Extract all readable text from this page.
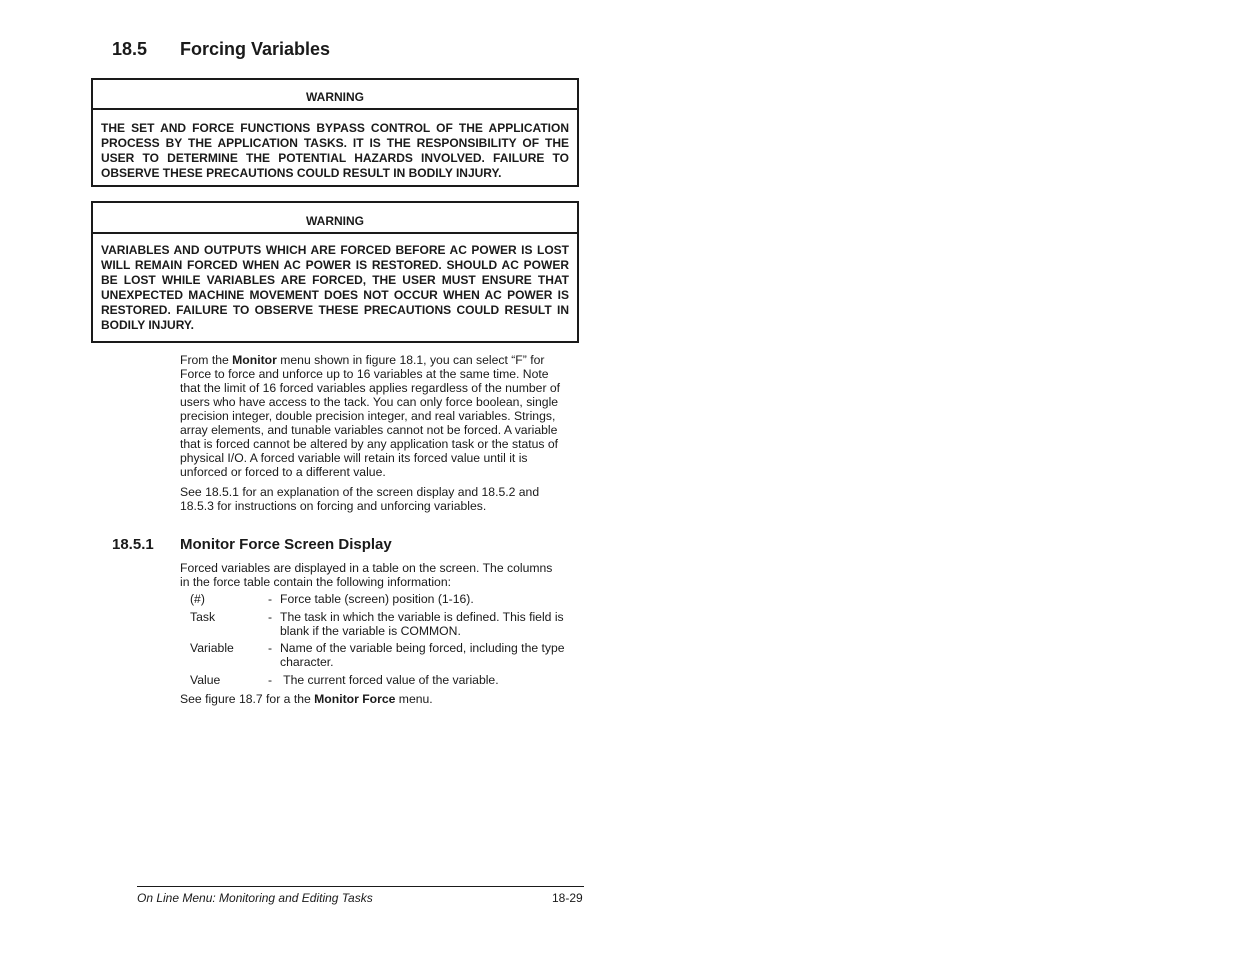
18.5 Forcing Variables
WARNING

THE SET AND FORCE FUNCTIONS BYPASS CONTROL OF THE APPLICATION PROCESS BY THE APPLICATION TASKS. IT IS THE RESPONSIBILITY OF THE USER TO DETERMINE THE POTENTIAL HAZARDS INVOLVED. FAILURE TO OBSERVE THESE PRECAUTIONS COULD RESULT IN BODILY INJURY.

WARNING

VARIABLES AND OUTPUTS WHICH ARE FORCED BEFORE AC POWER IS LOST WILL REMAIN FORCED WHEN AC POWER IS RESTORED. SHOULD AC POWER BE LOST WHILE VARIABLES ARE FORCED, THE USER MUST ENSURE THAT UNEXPECTED MACHINE MOVEMENT DOES NOT OCCUR WHEN AC POWER IS RESTORED. FAILURE TO OBSERVE THESE PRECAUTIONS COULD RESULT IN BODILY INJURY.

From the Monitor menu shown in figure 18.1, you can select “F” for Force to force and unforce up to 16 variables at the same time. Note that the limit of 16 forced variables applies regardless of the number of users who have access to the tack. You can only force boolean, single precision integer, double precision integer, and real variables. Strings, array elements, and tunable variables cannot not be forced. A variable that is forced cannot be altered by any application task or the status of physical I/O. A forced variable will retain its forced value until it is unforced or forced to a different value.

See 18.5.1 for an explanation of the screen display and 18.5.2 and 18.5.3 for instructions on forcing and unforcing variables.

18.5.1 Monitor Force Screen Display

Forced variables are displayed in a table on the screen. The columns in the force table contain the following information:

(#)	- Force table (screen) position (1-16).
Task	- The task in which the variable is defined. This field is blank if the variable is COMMON.
Variable	- Name of the variable being forced, including the type character.
Value	- The current forced value of the variable.

See figure 18.7 for a the Monitor Force menu.

On Line Menu: Monitoring and Editing Tasks	18-29
